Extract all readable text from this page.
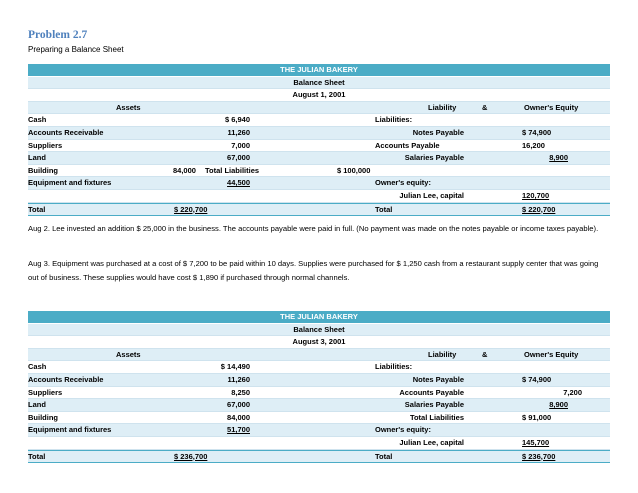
Problem 2.7
Preparing a Balance Sheet
THE JULIAN BAKERY
Balance Sheet
August 1, 2001
Assets	Liability	&	Owner's Equity
Cash	$ 6,940	Liabilities:
Accounts Receivable	11,260	Notes Payable	$ 74,900
Suppliers	7,000	Accounts Payable	16,200
Land	67,000	Salaries Payable	8,900
Building	84,000 Total Liabilities	$ 100,000
Equipment and fixtures	44,500	Owner's equity:
Julian Lee, capital	120,700
Total	$ 220,700	Total	$ 220,700
Aug 2. Lee invested an addition $ 25,000 in the business. The accounts payable were paid in full. (No payment was made on the notes payable or income taxes payable).
Aug 3. Equipment was purchased at a cost of $ 7,200 to be paid within 10 days. Supplies were purchased for $ 1,250 cash from a restaurant supply center that was going out of business. These supplies would have cost $ 1,890 if purchased through normal channels.
THE JULIAN BAKERY
Balance Sheet
August 3, 2001
Assets	Liability	&	Owner's Equity
Cash	$ 14,490	Liabilities:
Accounts Receivable	11,260	Notes Payable	$ 74,900
Suppliers	8,250	Accounts Payable	7,200
Land	67,000	Salaries Payable	8,900
Building	84,000	Total Liabilities	$ 91,000
Equipment and fixtures	51,700	Owner's equity:
Julian Lee, capital	145,700
Total	$ 236,700	Total	$ 236,700
